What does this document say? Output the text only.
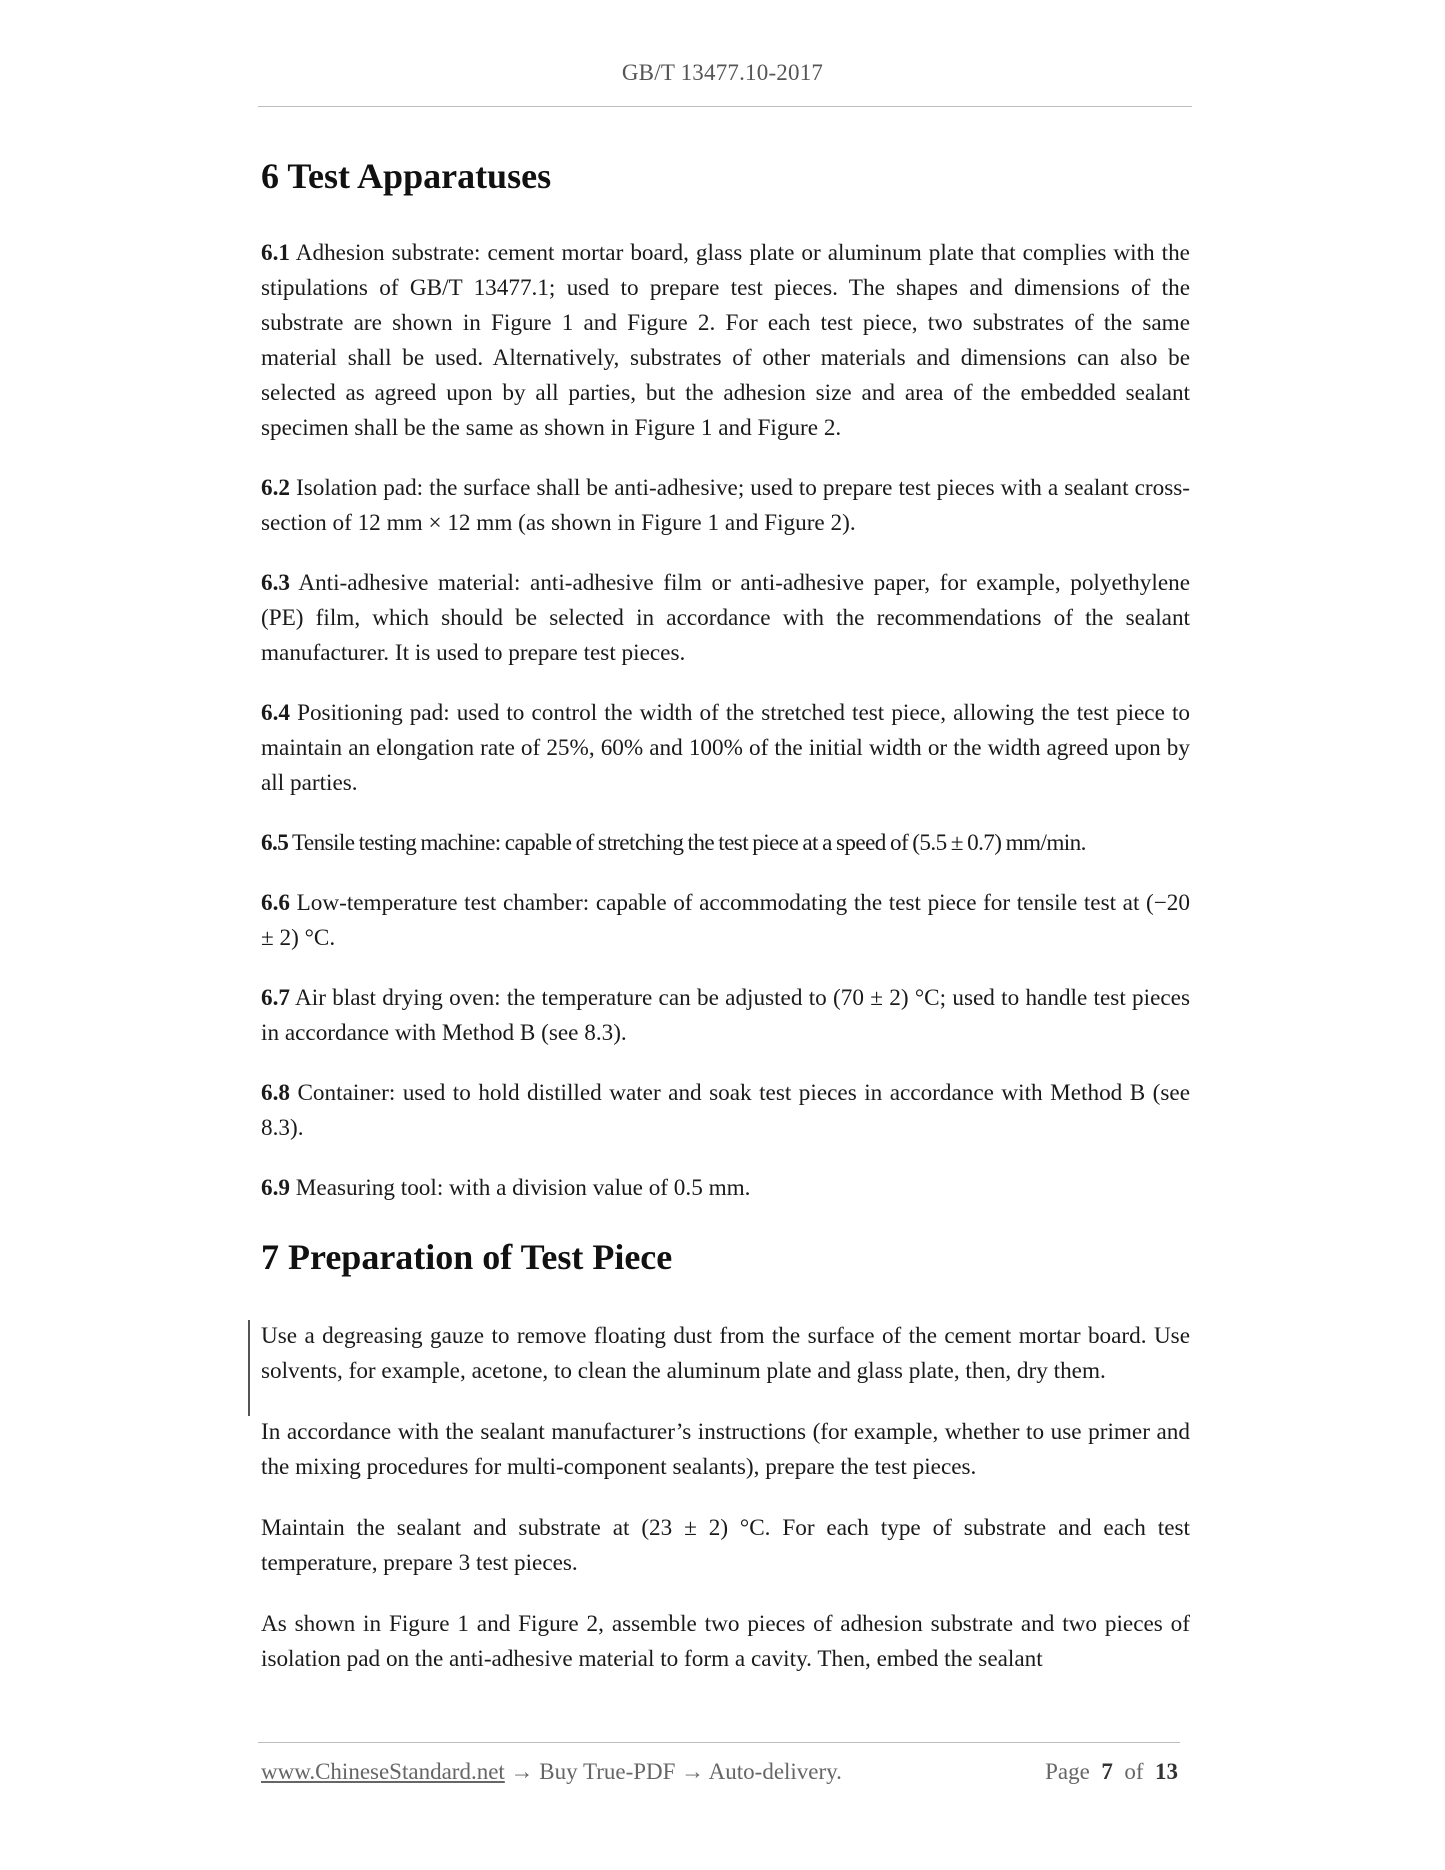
GB/T 13477.10-2017
6 Test Apparatuses

6.1 Adhesion substrate: cement mortar board, glass plate or aluminum plate that complies with the stipulations of GB/T 13477.1; used to prepare test pieces. The shapes and dimensions of the substrate are shown in Figure 1 and Figure 2. For each test piece, two substrates of the same material shall be used. Alternatively, substrates of other materials and dimensions can also be selected as agreed upon by all parties, but the adhesion size and area of the embedded sealant specimen shall be the same as shown in Figure 1 and Figure 2.

6.2 Isolation pad: the surface shall be anti-adhesive; used to prepare test pieces with a sealant cross-section of 12 mm × 12 mm (as shown in Figure 1 and Figure 2).

6.3 Anti-adhesive material: anti-adhesive film or anti-adhesive paper, for example, polyethylene (PE) film, which should be selected in accordance with the recommendations of the sealant manufacturer. It is used to prepare test pieces.

6.4 Positioning pad: used to control the width of the stretched test piece, allowing the test piece to maintain an elongation rate of 25%, 60% and 100% of the initial width or the width agreed upon by all parties.

6.5 Tensile testing machine: capable of stretching the test piece at a speed of (5.5 ± 0.7) mm/min.

6.6 Low-temperature test chamber: capable of accommodating the test piece for tensile test at (−20 ± 2) °C.

6.7 Air blast drying oven: the temperature can be adjusted to (70 ± 2) °C; used to handle test pieces in accordance with Method B (see 8.3).

6.8 Container: used to hold distilled water and soak test pieces in accordance with Method B (see 8.3).

6.9 Measuring tool: with a division value of 0.5 mm.

7 Preparation of Test Piece

Use a degreasing gauze to remove floating dust from the surface of the cement mortar board. Use solvents, for example, acetone, to clean the aluminum plate and glass plate, then, dry them.

In accordance with the sealant manufacturer’s instructions (for example, whether to use primer and the mixing procedures for multi-component sealants), prepare the test pieces.

Maintain the sealant and substrate at (23 ± 2) °C. For each type of substrate and each test temperature, prepare 3 test pieces.

As shown in Figure 1 and Figure 2, assemble two pieces of adhesion substrate and two pieces of isolation pad on the anti-adhesive material to form a cavity. Then, embed the sealant

www.ChineseStandard.net → Buy True-PDF → Auto-delivery.	Page 7 of 13
